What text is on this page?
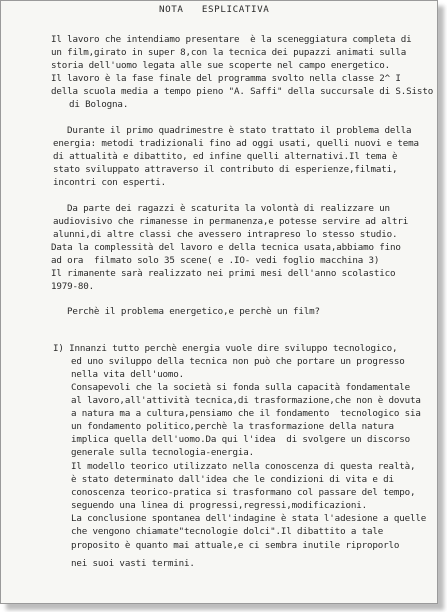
NOTA   ESPLICATIVA
Il lavoro che intendiamo presentare  è la sceneggiatura completa di
un film,girato in super 8,con la tecnica dei pupazzi animati sulla
storia dell'uomo legata alle sue scoperte nel campo energetico.
Il lavoro è la fase finale del programma svolto nella classe 2^ I
della scuola media a tempo pieno "A. Saffi" della succursale di S.Sisto
di Bologna.
Durante il primo quadrimestre è stato trattato il problema della
energia: metodi tradizionali fino ad oggi usati, quelli nuovi e tema
di attualità e dibattito, ed infine quelli alternativi.Il tema è
stato sviluppato attraverso il contributo di esperienze,filmati,
incontri con esperti.
Da parte dei ragazzi è scaturita la volontà di realizzare un
audiovisivo che rimanesse in permanenza,e potesse servire ad altri
alunni,di altre classi che avessero intrapreso lo stesso studio.
Data la complessità del lavoro e della tecnica usata,abbiamo fino
ad ora  filmato solo 35 scene( e .IO- vedi foglio macchina 3)
Il rimanente sarà realizzato nei primi mesi dell'anno scolastico
1979-80.
Perchè il problema energetico,e perchè un film?
I) Innanzi tutto perchè energia vuole dire sviluppo tecnologico,
ed uno sviluppo della tecnica non può che portare un progresso
nella vita dell'uomo.
Consapevoli che la società si fonda sulla capacità fondamentale
al lavoro,all'attività tecnica,di trasformazione,che non è dovuta
a natura ma a cultura,pensiamo che il fondamento  tecnologico sia
un fondamento politico,perchè la trasformazione della natura
implica quella dell'uomo.Da qui l'idea  di svolgere un discorso
generale sulla tecnologia-energia.
Il modello teorico utilizzato nella conoscenza di questa realtà,
è stato determinato dall'idea che le condizioni di vita e di
conoscenza teorico-pratica si trasformano col passare del tempo,
seguendo una linea di progressi,regressi,modificazioni.
La conclusione spontanea dell'indagine è stata l'adesione a quelle
che vengono chiamate"tecnologie dolci".Il dibattito a tale
proposito è quanto mai attuale,e ci sembra inutile riproporlo
nei suoi vasti termini.
